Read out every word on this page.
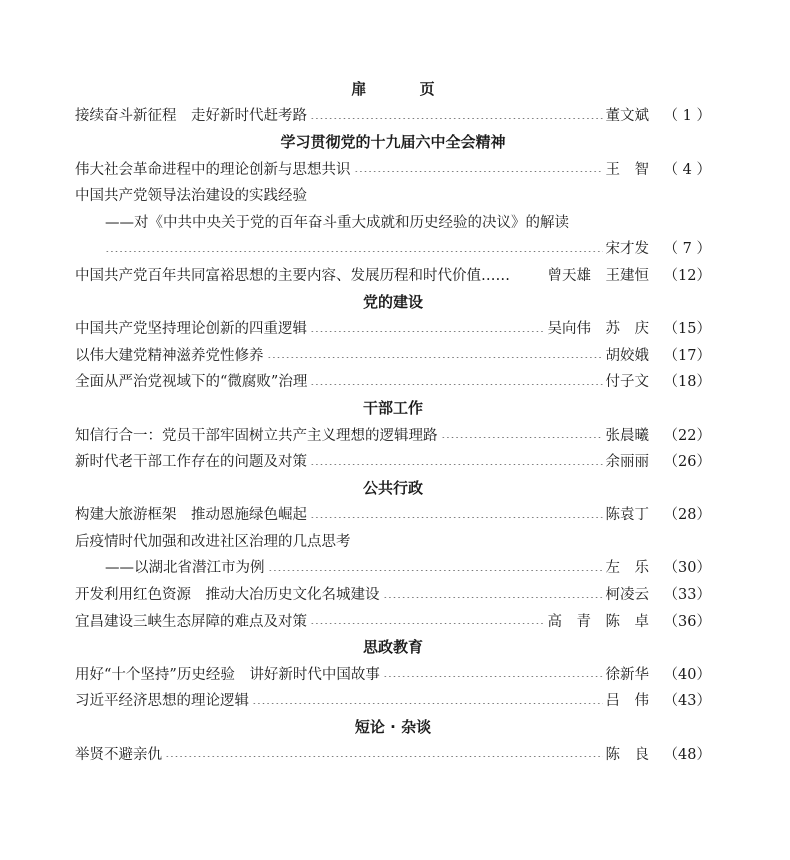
扉 页
接续奋斗新征程　走好新时代赶考路	董文斌	（ 1 ）
学习贯彻党的十九届六中全会精神
伟大社会革命进程中的理论创新与思想共识	王　智	（ 4 ）
中国共产党领导法治建设的实践经验
——对《中共中央关于党的百年奋斗重大成就和历史经验的决议》的解读
宋才发	（ 7 ）
中国共产党百年共同富裕思想的主要内容、发展历程和时代价值……	曾天雄　王建恒	（12）
党的建设
中国共产党坚持理论创新的四重逻辑	吴向伟　苏　庆	（15）
以伟大建党精神滋养党性修养	胡姣娥	（17）
全面从严治党视域下的“微腐败”治理	付子文	（18）
干部工作
知信行合一：党员干部牢固树立共产主义理想的逻辑理路	张晨曦	（22）
新时代老干部工作存在的问题及对策	余丽丽	（26）
公共行政
构建大旅游框架　推动恩施绿色崛起	陈袁丁	（28）
后疫情时代加强和改进社区治理的几点思考
——以湖北省潜江市为例	左　乐	（30）
开发利用红色资源　推动大冶历史文化名城建设	柯凌云	（33）
宜昌建设三峡生态屏障的难点及对策	高　青　陈　卓	（36）
思政教育
用好“十个坚持”历史经验　讲好新时代中国故事	徐新华	（40）
习近平经济思想的理论逻辑	吕　伟	（43）
短论 · 杂谈
举贤不避亲仇	陈　良	（48）
